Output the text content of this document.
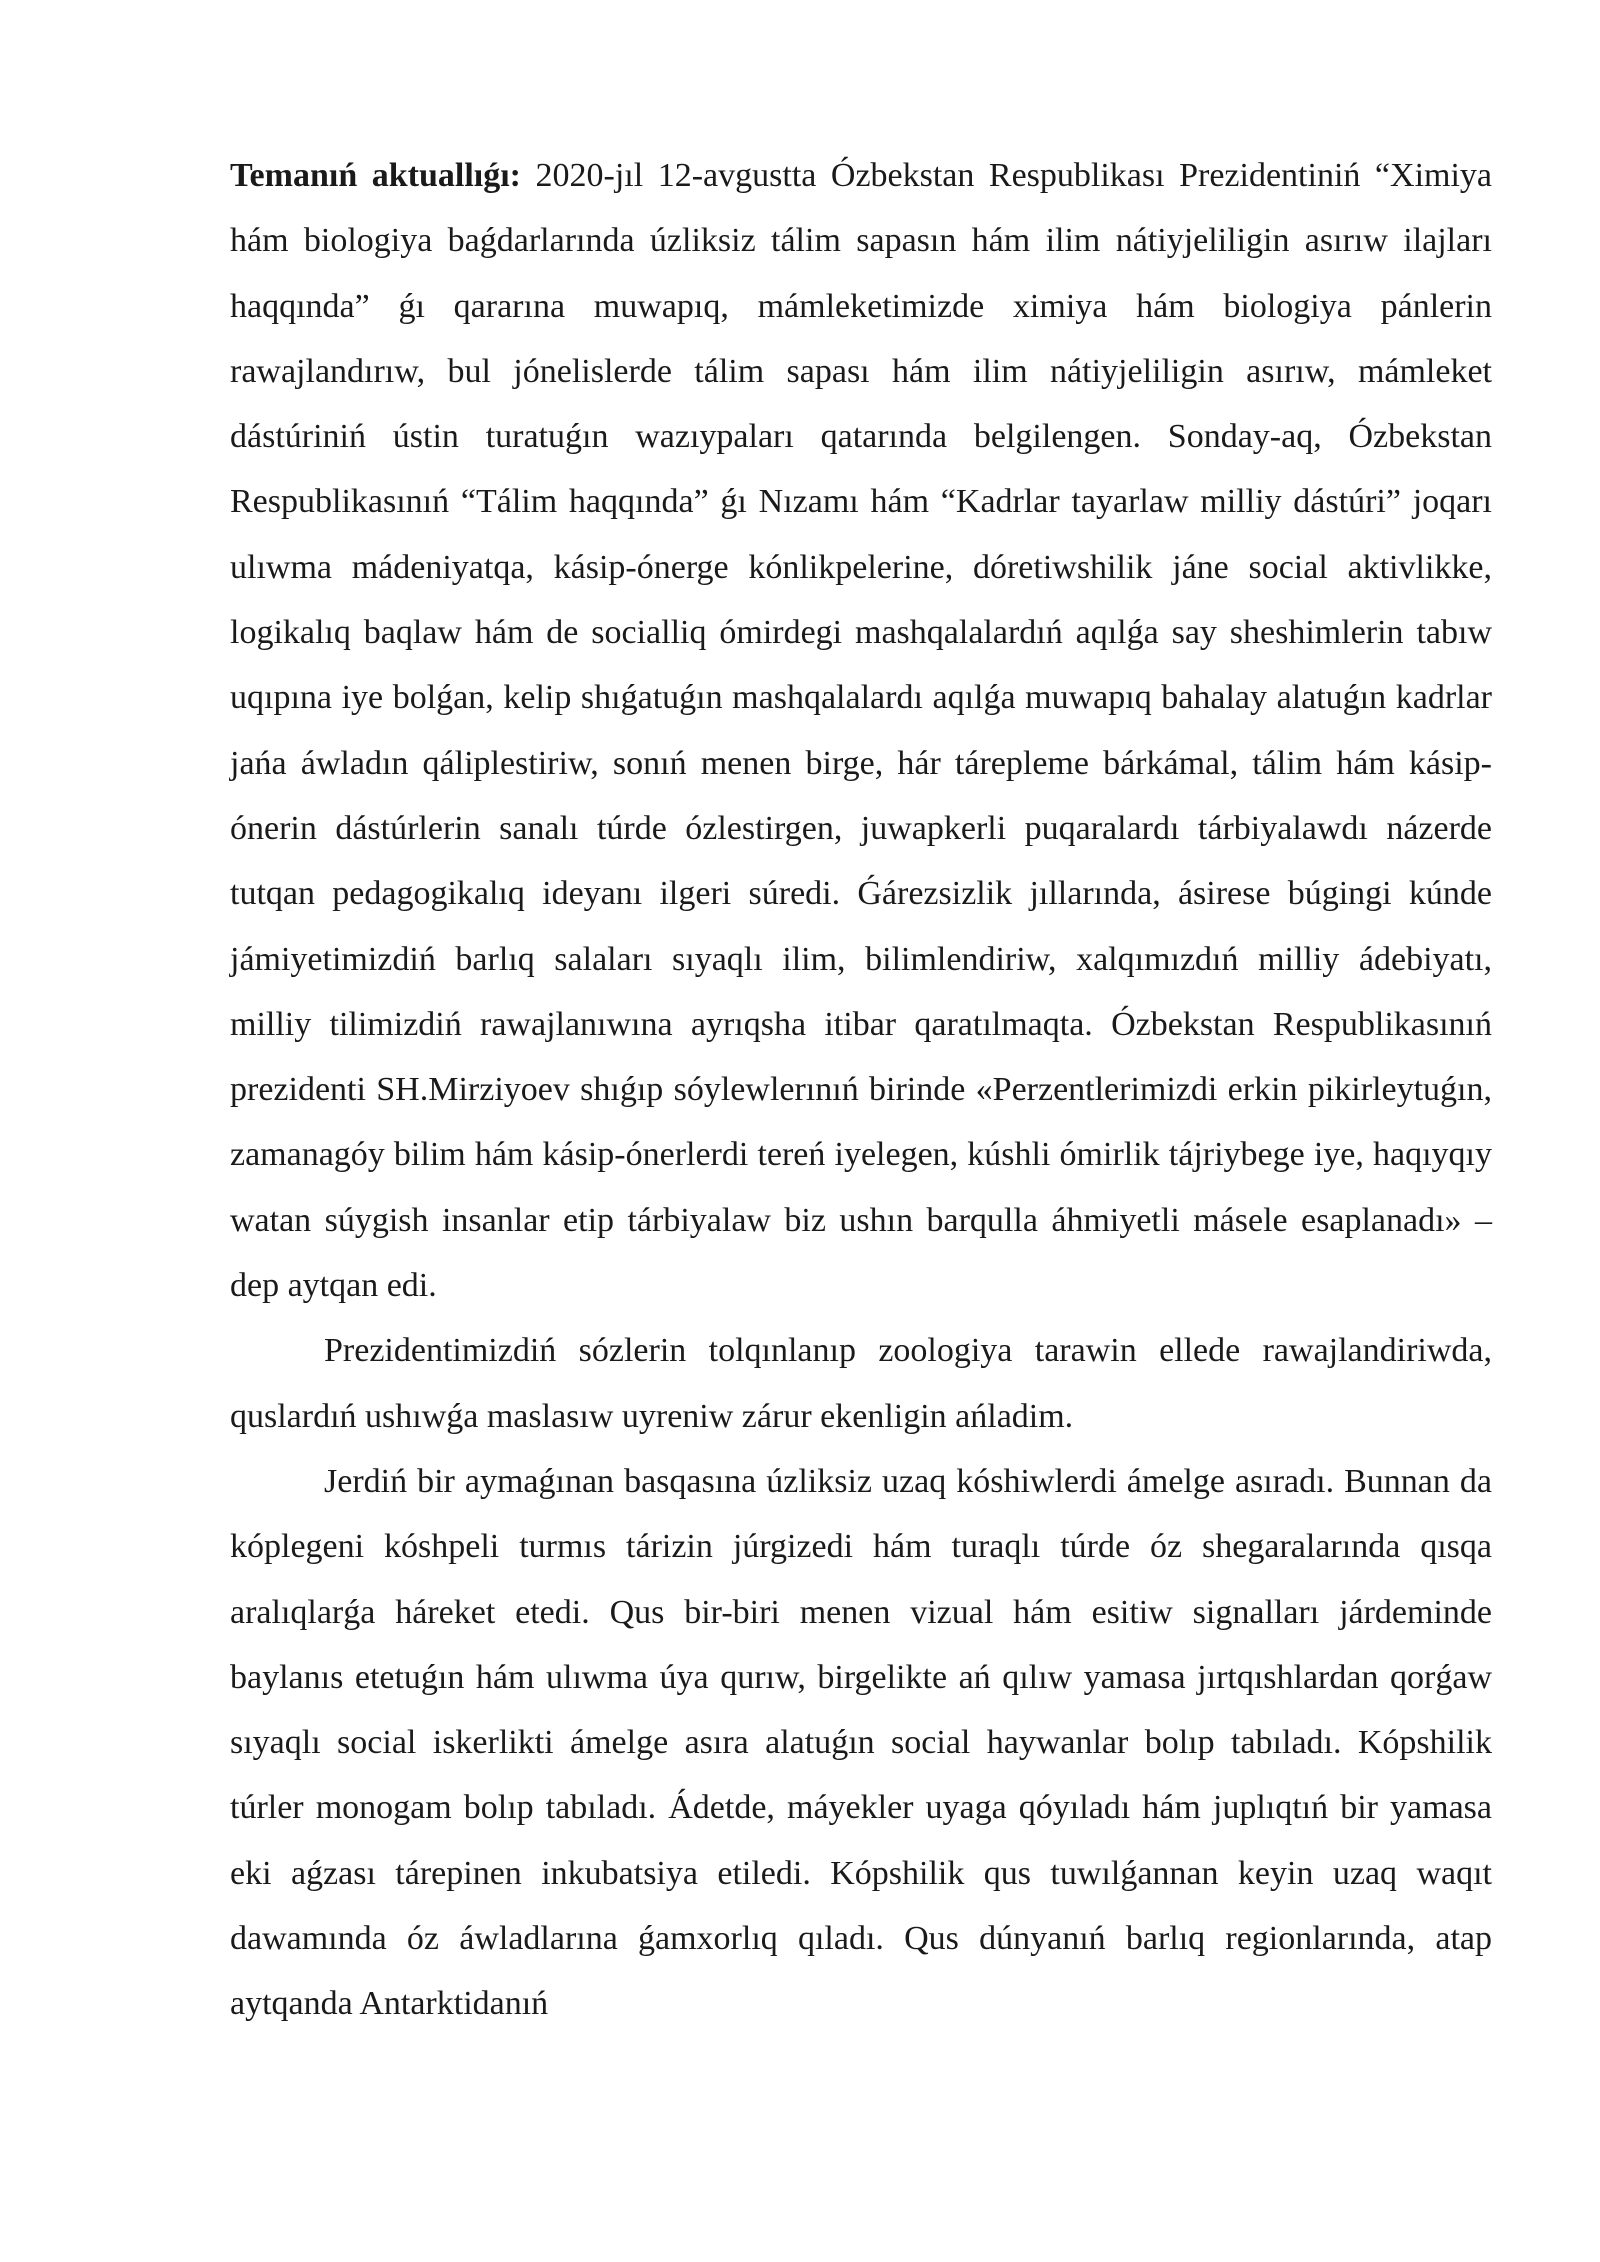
Temanıń aktuallıǵı: 2020-jıl 12-avgustta Ózbekstan Respublikası Prezidentiniń “Ximiya hám biologiya baǵdarlarında úzliksiz tálim sapasın hám ilim nátiyjeliligin asırıw ilajları haqqında” ǵı qararına muwapıq, mámleketimizde ximiya hám biologiya pánlerin rawajlandırıw, bul jónelislerde tálim sapası hám ilim nátiyjeliligin asırıw, mámleket dástúriniń ústin turatuǵın wazıypaları qatarında belgilengen. Sonday-aq, Ózbekstan Respublikasınıń “Tálim haqqında” ǵı Nızamı hám “Kadrlar tayarlaw milliy dástúri” joqarı ulıwma mádeniyatqa, kásip-ónerge kónlikpelerine, dóretiwshilik jáne social aktivlikke, logikalıq baqlaw hám de socialliq ómirdegi mashqalalardıń aqılǵa say sheshimlerin tabıw uqıpına iye bolǵan, kelip shıǵatuǵın mashqalalardı aqılǵa muwapıq bahalay alatuǵın kadrlar jańa áwladın qáliplestiriw, sonıń menen birge, hár tárepleme bárkámal, tálim hám kásip-ónerin dástúrlerin sanalı túrde ózlestirgen, juwapkerli puqaralardı tárbiyalawdı názerde tutqan pedagogikalıq ideyanı ilgeri súredi. Ǵárezsizlik jıllarında, ásirese búgingi kúnde jámiyetimizdiń barlıq salaları sıyaqlı ilim, bilimlendiriw, xalqımızdıń milliy ádebiyatı, milliy tilimizdiń rawajlanıwına ayrıqsha itibar qaratılmaqta. Ózbekstan Respublikasınıń prezidenti SH.Mirziyoev shıǵıp sóylewlerınıń birinde «Perzentlerimizdi erkin pikirleytuǵın, zamanagóy bilim hám kásip-ónerlerdi tereń iyelegen, kúshli ómirlik tájriybege iye, haqıyqıy watan súygish insanlar etip tárbiyalaw biz ushın barqulla áhmiyetli másele esaplanadı» – dep aytqan edi.

Prezidentimizdiń sózlerin tolqınlanıp zoologiya tarawin ellede rawajlandiriwda, quslardıń ushıwǵa maslasıw uyreniw zárur ekenligin ańladim.

Jerdiń bir aymaǵınan basqasına úzliksiz uzaq kóshiwlerdi ámelge asıradı. Bunnan da kóplegeni kóshpeli turmıs tárizin júrgizedi hám turaqlı túrde óz shegaralarında qısqa aralıqlarǵa háreket etedi. Qus bir-biri menen vizual hám esitiw signalları járdeminde baylanıs etetuǵın hám ulıwma úya qurıw, birgelikte ań qılıw yamasa jırtqıshlardan qorǵaw sıyaqlı social iskerlikti ámelge asıra alatuǵın social haywanlar bolıp tabıladı. Kópshilik túrler monogam bolıp tabıladı. Ádetde, máyekler uyaga qóyıladı hám juplıqtıń bir yamasa eki aǵzası tárepinen inkubatsiya etiledi. Kópshilik qus tuwılǵannan keyin uzaq waqıt dawamında óz áwladlarına ǵamxorlıq qıladı. Qus dúnyanıń barlıq regionlarında, atap aytqanda Antarktidanıń
